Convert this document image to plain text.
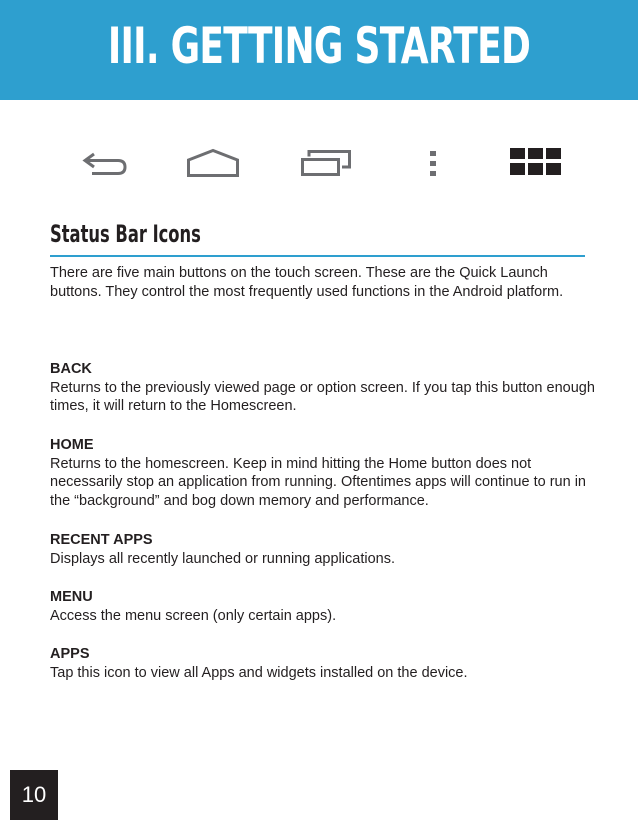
III. GETTING STARTED
Status Bar Icons

There are five main buttons on the touch screen. These are the Quick Launch buttons. They control the most frequently used functions in the Android platform.

BACK

Returns to the previously viewed page or option screen. If you tap this button enough times, it will return to the Homescreen.

HOME

Returns to the homescreen. Keep in mind hitting the Home button does not necessarily stop an application from running. Oftentimes apps will continue to run in the “background” and bog down memory and performance.

RECENT APPS

Displays all recently launched or running applications.

MENU

Access the menu screen (only certain apps).

APPS

Tap this icon to view all Apps and widgets installed on the device.

10
